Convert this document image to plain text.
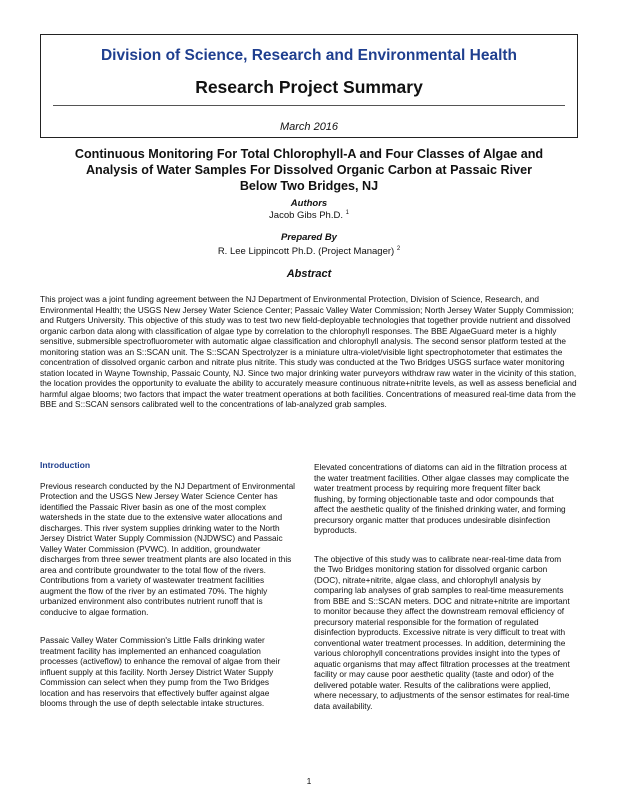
Division of Science, Research and Environmental Health
Research Project Summary
March 2016
Continuous Monitoring For Total Chlorophyll-A and Four Classes of Algae and
Analysis of Water Samples For Dissolved Organic Carbon at Passaic River
Below Two Bridges, NJ
Authors
Jacob Gibs Ph.D. $^1$
Prepared By
R. Lee Lippincott Ph.D. (Project Manager) $^2$
Abstract
This project was a joint funding agreement between the NJ Department of Environmental Protection, Division of Science, Research, and Environmental Health; the USGS New Jersey Water Science Center; Passaic Valley Water Commission; North Jersey Water Supply Commission; and Rutgers University. This objective of this study was to test two new field-deployable technologies that together provide nutrient and dissolved organic carbon data along with classification of algae type by correlation to the chlorophyll responses. The BBE AlgaeGuard meter is a highly sensitive, submersible spectrofluorometer with automatic algae classification and chlorophyll analysis. The second sensor platform tested at the monitoring station was an S::SCAN unit. The S::SCAN Spectrolyzer is a miniature ultra-violet/visible light spectrophotometer that estimates the concentration of dissolved organic carbon and nitrate plus nitrite. This study was conducted at the Two Bridges USGS surface water monitoring station located in Wayne Township, Passaic County, NJ. Since two major drinking water purveyors withdraw raw water in the vicinity of this station, the location provides the opportunity to evaluate the ability to accurately measure continuous nitrate+nitrite levels, as well as assess beneficial and harmful algae blooms; two factors that impact the water treatment operations at both facilities. Concentrations of measured real-time data from the BBE and S::SCAN sensors calibrated well to the concentrations of lab-analyzed grab samples.
Introduction

Previous research conducted by the NJ Department of Environmental Protection and the USGS New Jersey Water Science Center has identified the Passaic River basin as one of the most complex watersheds in the state due to the extensive water allocations and discharges. This river system supplies drinking water to the North Jersey District Water Supply Commission (NJDWSC) and Passaic Valley Water Commission (PVWC). In addition, groundwater discharges from three sewer treatment plants are also located in this area and contribute groundwater to the total flow of the rivers. Contributions from a variety of wastewater treatment facilities augment the flow of the river by an estimated 70%. The highly urbanized environment also contributes nutrient runoff that is conducive to algae formation.

Passaic Valley Water Commission's Little Falls drinking water treatment facility has implemented an enhanced coagulation processes (activeflow) to enhance the removal of algae from their influent supply at this facility. North Jersey District Water Supply Commission can select when they pump from the Two Bridges location and has reservoirs that effectively buffer against algae blooms through the use of depth selectable intake structures.

Elevated concentrations of diatoms can aid in the filtration process at the water treatment facilities. Other algae classes may complicate the water treatment process by requiring more frequent filter back flushing, by forming objectionable taste and odor compounds that affect the aesthetic quality of the finished drinking water, and forming precursory organic matter that produces undesirable disinfection byproducts.

The objective of this study was to calibrate near-real-time data from the Two Bridges monitoring station for dissolved organic carbon (DOC), nitrate+nitrite, algae class, and chlorophyll analysis by comparing lab analyses of grab samples to real-time measurements from BBE and S::SCAN meters. DOC and nitrate+nitrite are important to monitor because they affect the downstream removal efficiency of precursory material responsible for the formation of regulated disinfection byproducts. Excessive nitrate is very difficult to treat with conventional water treatment processes. In addition, determining the various chlorophyll concentrations provides insight into the types of aquatic organisms that may affect filtration processes at the treatment facility or may cause poor aesthetic quality (taste and odor) of the delivered potable water. Results of the calibrations were applied, where necessary, to adjustments of the sensor estimates for real-time data availability.

1
